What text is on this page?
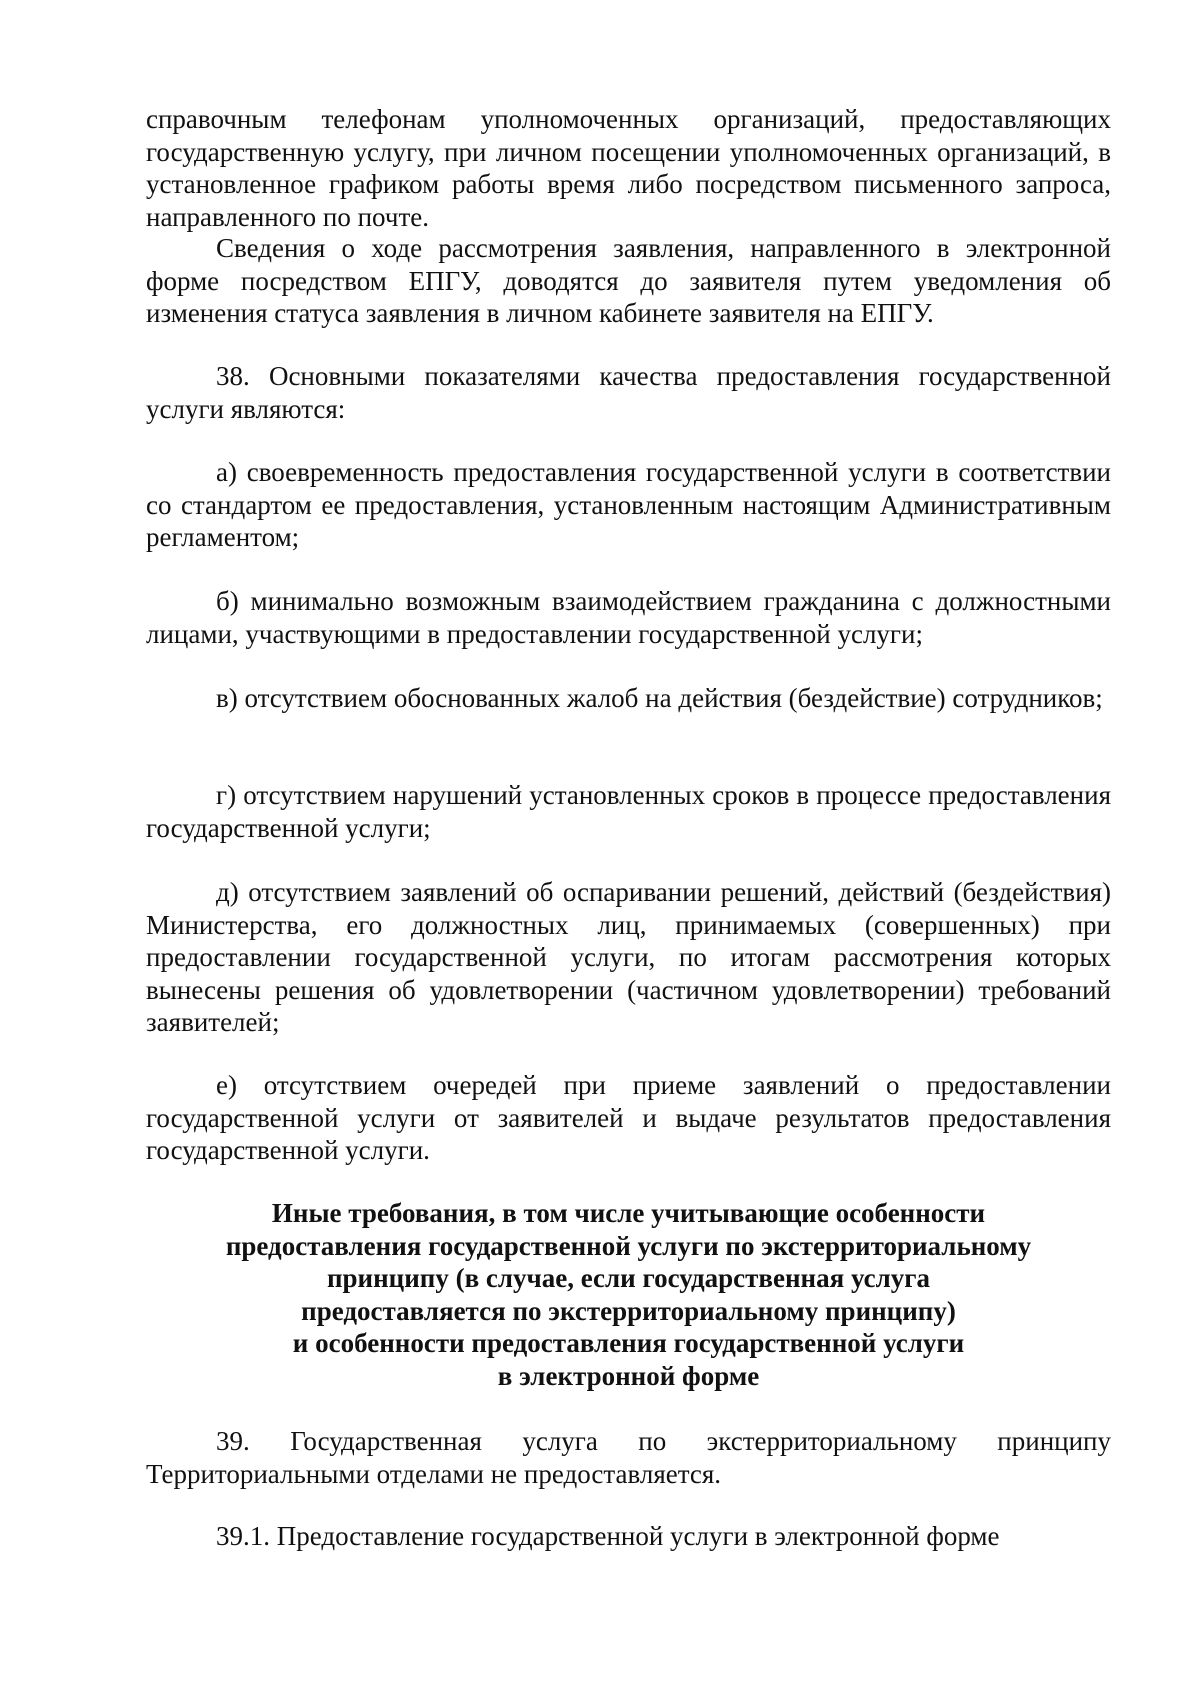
справочным телефонам уполномоченных организаций, предоставляющих государственную услугу, при личном посещении уполномоченных организаций, в установленное графиком работы время либо посредством письменного запроса, направленного по почте.

Сведения о ходе рассмотрения заявления, направленного в электронной форме посредством ЕПГУ, доводятся до заявителя путем уведомления об изменения статуса заявления в личном кабинете заявителя на ЕПГУ.

38. Основными показателями качества предоставления государственной услуги являются:

а) своевременность предоставления государственной услуги в соответствии со стандартом ее предоставления, установленным настоящим Административным регламентом;

б) минимально возможным взаимодействием гражданина с должностными лицами, участвующими в предоставлении государственной услуги;

в) отсутствием обоснованных жалоб на действия (бездействие) сотрудников;

г) отсутствием нарушений установленных сроков в процессе предоставления государственной услуги;

д) отсутствием заявлений об оспаривании решений, действий (бездействия) Министерства, его должностных лиц, принимаемых (совершенных) при предоставлении государственной услуги, по итогам рассмотрения которых вынесены решения об удовлетворении (частичном удовлетворении) требований заявителей;

е) отсутствием очередей при приеме заявлений о предоставлении государственной услуги от заявителей и выдаче результатов предоставления государственной услуги.

Иные требования, в том числе учитывающие особенности
предоставления государственной услуги по экстерриториальному
принципу (в случае, если государственная услуга
предоставляется по экстерриториальному принципу)
и особенности предоставления государственной услуги
в электронной форме

39. Государственная услуга по экстерриториальному принципу Территориальными отделами не предоставляется.

39.1. Предоставление государственной услуги в электронной форме
